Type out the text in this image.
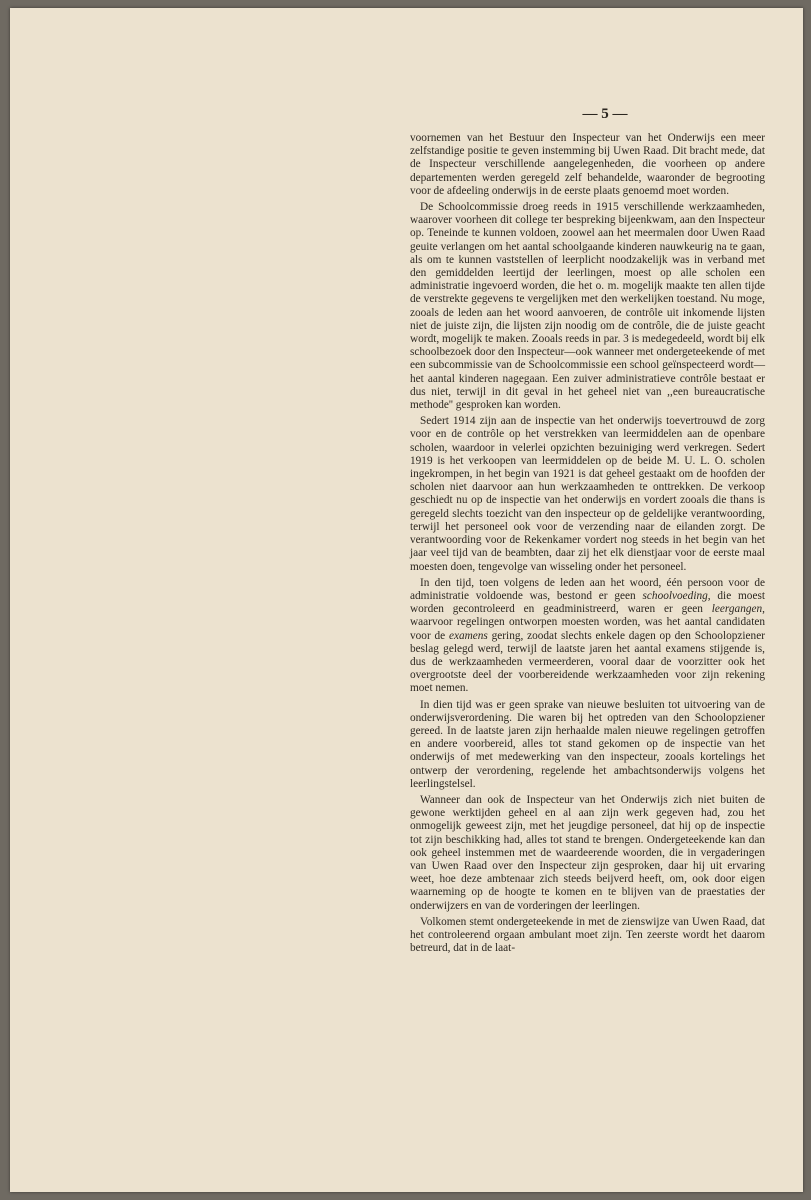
— 5 —

voornemen van het Bestuur den Inspecteur van het Onderwijs een meer zelfstandige positie te geven instemming bij Uwen Raad. Dit bracht mede, dat de Inspecteur verschillende aangelegenheden, die voorheen op andere departementen werden geregeld zelf behandelde, waaronder de begrooting voor de afdeeling onderwijs in de eerste plaats genoemd moet worden.

De Schoolcommissie droeg reeds in 1915 verschillende werkzaamheden, waarover voorheen dit college ter bespreking bijeenkwam, aan den Inspecteur op. Teneinde te kunnen voldoen, zoowel aan het meermalen door Uwen Raad geuite verlangen om het aantal schoolgaande kinderen nauwkeurig na te gaan, als om te kunnen vaststellen of leerplicht noodzakelijk was in verband met den gemiddelden leertijd der leerlingen, moest op alle scholen een administratie ingevoerd worden, die het o. m. mogelijk maakte ten allen tijde de verstrekte gegevens te vergelijken met den werkelijken toestand. Nu moge, zooals de leden aan het woord aanvoeren, de contrôle uit inkomende lijsten niet de juiste zijn, die lijsten zijn noodig om de contrôle, die de juiste geacht wordt, mogelijk te maken. Zooals reeds in par. 3 is medegedeeld, wordt bij elk schoolbezoek door den Inspecteur—ook wanneer met ondergeteekende of met een subcommissie van de Schoolcommissie een school geïnspecteerd wordt—het aantal kinderen nagegaan. Een zuiver administratieve contrôle bestaat er dus niet, terwijl in dit geval in het geheel niet van ,,een bureaucratische methode'' gesproken kan worden.

Sedert 1914 zijn aan de inspectie van het onderwijs toevertrouwd de zorg voor en de contrôle op het verstrekken van leermiddelen aan de openbare scholen, waardoor in velerlei opzichten bezuiniging werd verkregen. Sedert 1919 is het verkoopen van leermiddelen op de beide M. U. L. O. scholen ingekrompen, in het begin van 1921 is dat geheel gestaakt om de hoofden der scholen niet daarvoor aan hun werkzaamheden te onttrekken. De verkoop geschiedt nu op de inspectie van het onderwijs en vordert zooals die thans is geregeld slechts toezicht van den inspecteur op de geldelijke verantwoording, terwijl het personeel ook voor de verzending naar de eilanden zorgt. De verantwoording voor de Rekenkamer vordert nog steeds in het begin van het jaar veel tijd van de beambten, daar zij het elk dienstjaar voor de eerste maal moesten doen, tengevolge van wisseling onder het personeel.

In den tijd, toen volgens de leden aan het woord, één persoon voor de administratie voldoende was, bestond er geen schoolvoeding, die moest worden gecontroleerd en geadministreerd, waren er geen leergangen, waarvoor regelingen ontworpen moesten worden, was het aantal candidaten voor de examens gering, zoodat slechts enkele dagen op den Schoolopziener beslag gelegd werd, terwijl de laatste jaren het aantal examens stijgende is, dus de werkzaamheden vermeerderen, vooral daar de voorzitter ook het overgrootste deel der voorbereidende werkzaamheden voor zijn rekening moet nemen.

In dien tijd was er geen sprake van nieuwe besluiten tot uitvoering van de onderwijsverordening. Die waren bij het optreden van den Schoolopziener gereed. In de laatste jaren zijn herhaalde malen nieuwe regelingen getroffen en andere voorbereid, alles tot stand gekomen op de inspectie van het onderwijs of met medewerking van den inspecteur, zooals kortelings het ontwerp der verordening, regelende het ambachtsonderwijs volgens het leerlingstelsel.

Wanneer dan ook de Inspecteur van het Onderwijs zich niet buiten de gewone werktijden geheel en al aan zijn werk gegeven had, zou het onmogelijk geweest zijn, met het jeugdige personeel, dat hij op de inspectie tot zijn beschikking had, alles tot stand te brengen. Ondergeteekende kan dan ook geheel instemmen met de waardeerende woorden, die in vergaderingen van Uwen Raad over den Inspecteur zijn gesproken, daar hij uit ervaring weet, hoe deze ambtenaar zich steeds beijverd heeft, om, ook door eigen waarneming op de hoogte te komen en te blijven van de praestaties der onderwijzers en van de vorderingen der leerlingen.

Volkomen stemt ondergeteekende in met de zienswijze van Uwen Raad, dat het controleerend orgaan ambulant moet zijn. Ten zeerste wordt het daarom betreurd, dat in de laat-
